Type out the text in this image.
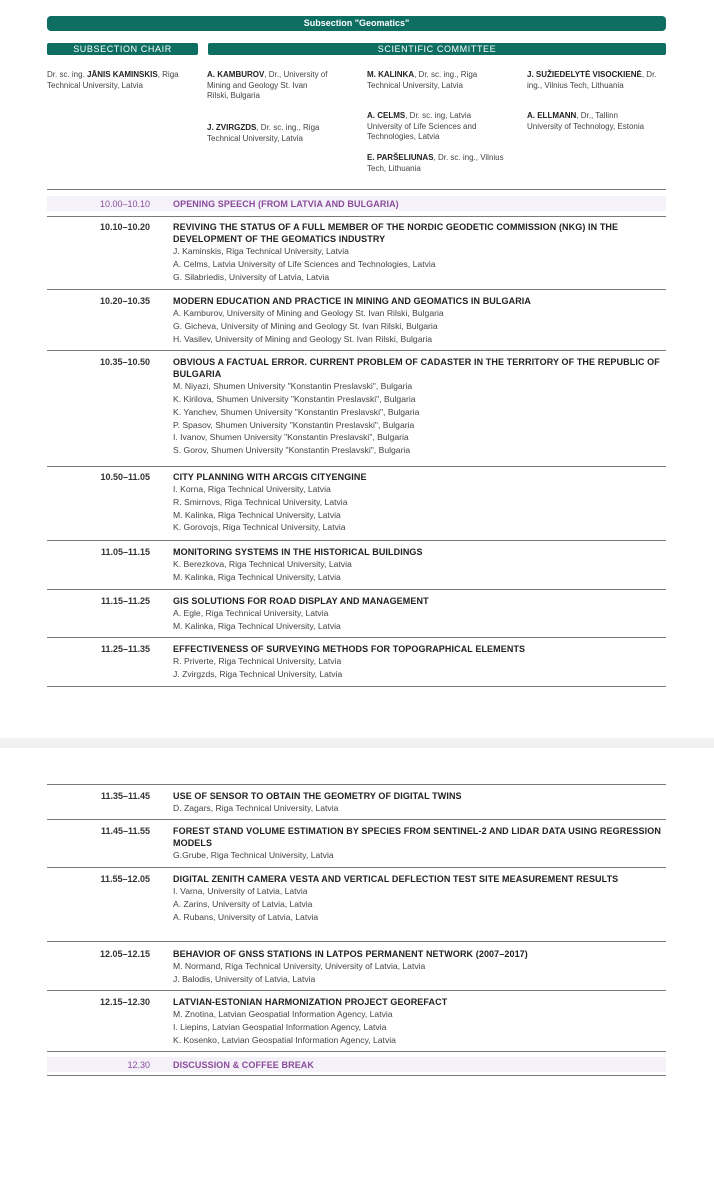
Subsection "Geomatics"
SUBSECTION CHAIR	SCIENTIFIC COMMITTEE
Dr. sc. ing. JĀNIS KAMINSKIS, Riga Technical University, Latvia
A. KAMBUROV, Dr., University of Mining and Geology St. Ivan Rilski, Bulgaria
J. ZVIRGZDS, Dr. sc. ing., Riga Technical University, Latvia
M. KALINKA, Dr. sc. ing., Riga Technical University, Latvia
A. CELMS, Dr. sc. ing, Latvia University of Life Sciences and Technologies, Latvia
E. PARŠELIUNAS, Dr. sc. ing., Vilnius Tech, Lithuania
J. SUŽIEDELYTĖ VISOCKIENĖ, Dr. ing., Vilnius Tech, Lithuania
A. ELLMANN, Dr., Tallinn University of Technology, Estonia
10.00–10.10	OPENING SPEECH (FROM LATVIA AND BULGARIA)
10.10–10.20	REVIVING THE STATUS OF A FULL MEMBER OF THE NORDIC GEODETIC COMMISSION (NKG) IN THE DEVELOPMENT OF THE GEOMATICS INDUSTRY
J. Kaminskis, Riga Technical University, Latvia
A. Celms, Latvia University of Life Sciences and Technologies, Latvia
G. Silabriedis, University of Latvia, Latvia
10.20–10.35	MODERN EDUCATION AND PRACTICE IN MINING AND GEOMATICS IN BULGARIA
A. Kamburov, University of Mining and Geology St. Ivan Rilski, Bulgaria
G. Gicheva, University of Mining and Geology St. Ivan Rilski, Bulgaria
H. Vasilev, University of Mining and Geology St. Ivan Rilski, Bulgaria
10.35–10.50	OBVIOUS A FACTUAL ERROR. CURRENT PROBLEM OF CADASTER IN THE TERRITORY OF THE REPUBLIC OF BULGARIA
M. Niyazi, Shumen University "Konstantin Preslavski", Bulgaria
K. Kirilova, Shumen University "Konstantin Preslavski", Bulgaria
K. Yanchev, Shumen University "Konstantin Preslavski", Bulgaria
P. Spasov, Shumen University "Konstantin Preslavski", Bulgaria
I. Ivanov, Shumen University "Konstantin Preslavski", Bulgaria
S. Gorov, Shumen University "Konstantin Preslavski", Bulgaria
10.50–11.05	CITY PLANNING WITH ARCGIS CITYENGINE
I. Korna, Riga Technical University, Latvia
R. Smirnovs, Riga Technical University, Latvia
M. Kalinka, Riga Technical University, Latvia
K. Gorovojs, Riga Technical University, Latvia
11.05–11.15	MONITORING SYSTEMS IN THE HISTORICAL BUILDINGS
K. Berezkova, Riga Technical University, Latvia
M. Kalinka, Riga Technical University, Latvia
11.15–11.25	GIS SOLUTIONS FOR ROAD DISPLAY AND MANAGEMENT
A. Egle, Riga Technical University, Latvia
M. Kalinka, Riga Technical University, Latvia
11.25–11.35	EFFECTIVENESS OF SURVEYING METHODS FOR TOPOGRAPHICAL ELEMENTS
R. Priverte, Riga Technical University, Latvia
J. Zvirgzds, Riga Technical University, Latvia
11.35–11.45	USE OF SENSOR TO OBTAIN THE GEOMETRY OF DIGITAL TWINS
D. Zagars, Riga Technical University, Latvia
11.45–11.55	FOREST STAND VOLUME ESTIMATION BY SPECIES FROM SENTINEL-2 AND LIDAR DATA USING REGRESSION MODELS
G.Grube, Riga Technical University, Latvia
11.55–12.05	DIGITAL ZENITH CAMERA VESTA AND VERTICAL DEFLECTION TEST SITE MEASUREMENT RESULTS
I. Varna, University of Latvia, Latvia
A. Zarins, University of Latvia, Latvia
A. Rubans, University of Latvia, Latvia
12.05–12.15	BEHAVIOR OF GNSS STATIONS IN LATPOS PERMANENT NETWORK (2007–2017)
M. Normand, Riga Technical University, University of Latvia, Latvia
J. Balodis, University of Latvia, Latvia
12.15–12.30	LATVIAN-ESTONIAN HARMONIZATION PROJECT GEOREFACT
M. Znotina, Latvian Geospatial Information Agency, Latvia
I. Liepins, Latvian Geospatial Information Agency, Latvia
K. Kosenko, Latvian Geospatial Information Agency, Latvia
12.30	DISCUSSION & COFFEE BREAK
